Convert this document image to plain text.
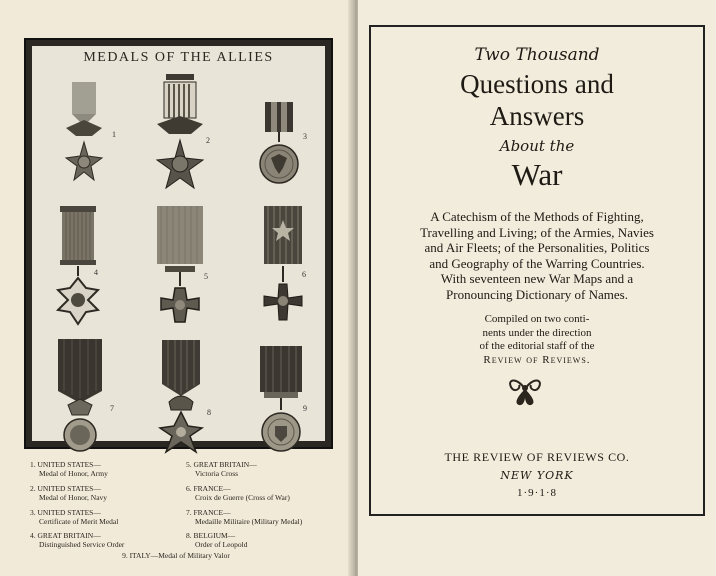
MEDALS OF THE ALLIES
1
2	3
4	5	6
7	8	9
1. UNITED STATES—
Medal of Honor, Army
2. UNITED STATES—
Medal of Honor, Navy
3. UNITED STATES—
Certificate of Merit Medal
4. GREAT BRITAIN—
Distinguished Service Order
5. GREAT BRITAIN—
Victoria Cross
6. FRANCE—
Croix de Guerre (Cross of War)
7. FRANCE—
Medaille Militaire (Military Medal)
8. BELGIUM—
Order of Leopold
9. ITALY—Medal of Military Valor
Two Thousand
Questions and
Answers
About the
War
A Catechism of the Methods of Fighting,
Travelling and Living; of the Armies, Navies
and Air Fleets; of the Personalities, Politics
and Geography of the Warring Countries.
With seventeen new War Maps and a
Pronouncing Dictionary of Names.
Compiled on two conti-
nents under the direction
of the editorial staff of the
Review of Reviews.
THE REVIEW OF REVIEWS CO.
NEW YORK
1·9·1·8
